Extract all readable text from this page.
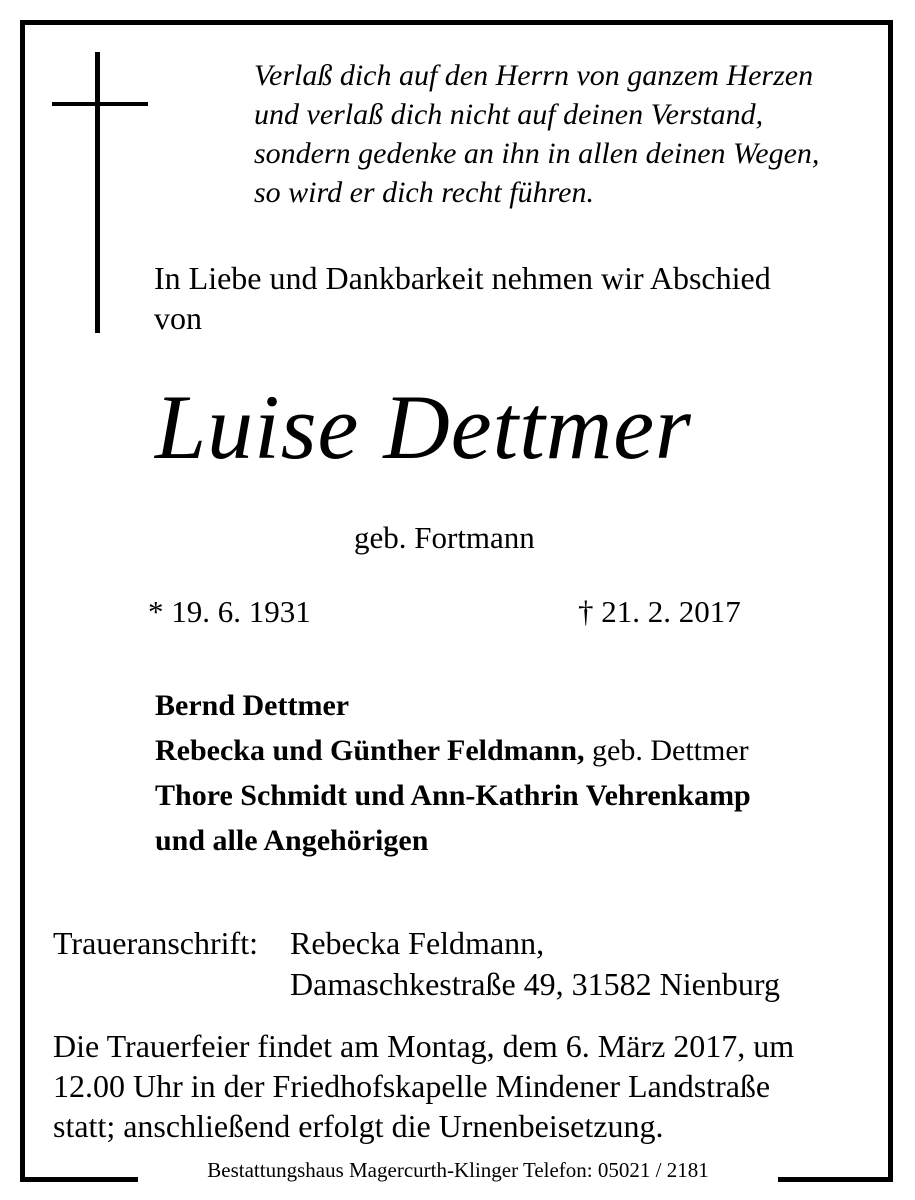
Verlaß dich auf den Herrn von ganzem Herzen
und verlaß dich nicht auf deinen Verstand,
sondern gedenke an ihn in allen deinen Wegen,
so wird er dich recht führen.
In Liebe und Dankbarkeit nehmen wir Abschied
von
Luise Dettmer
geb. Fortmann
* 19. 6. 1931	† 21. 2. 2017
Bernd Dettmer
Rebecka und Günther Feldmann, geb. Dettmer
Thore Schmidt und Ann-Kathrin Vehrenkamp
und alle Angehörigen
Traueranschrift: Rebecka Feldmann,
Damaschkestraße 49, 31582 Nienburg
Die Trauerfeier findet am Montag, dem 6. März 2017, um
12.00 Uhr in der Friedhofskapelle Mindener Landstraße
statt; anschließend erfolgt die Urnenbeisetzung.
Bestattungshaus Magercurth-Klinger Telefon: 05021 / 2181
